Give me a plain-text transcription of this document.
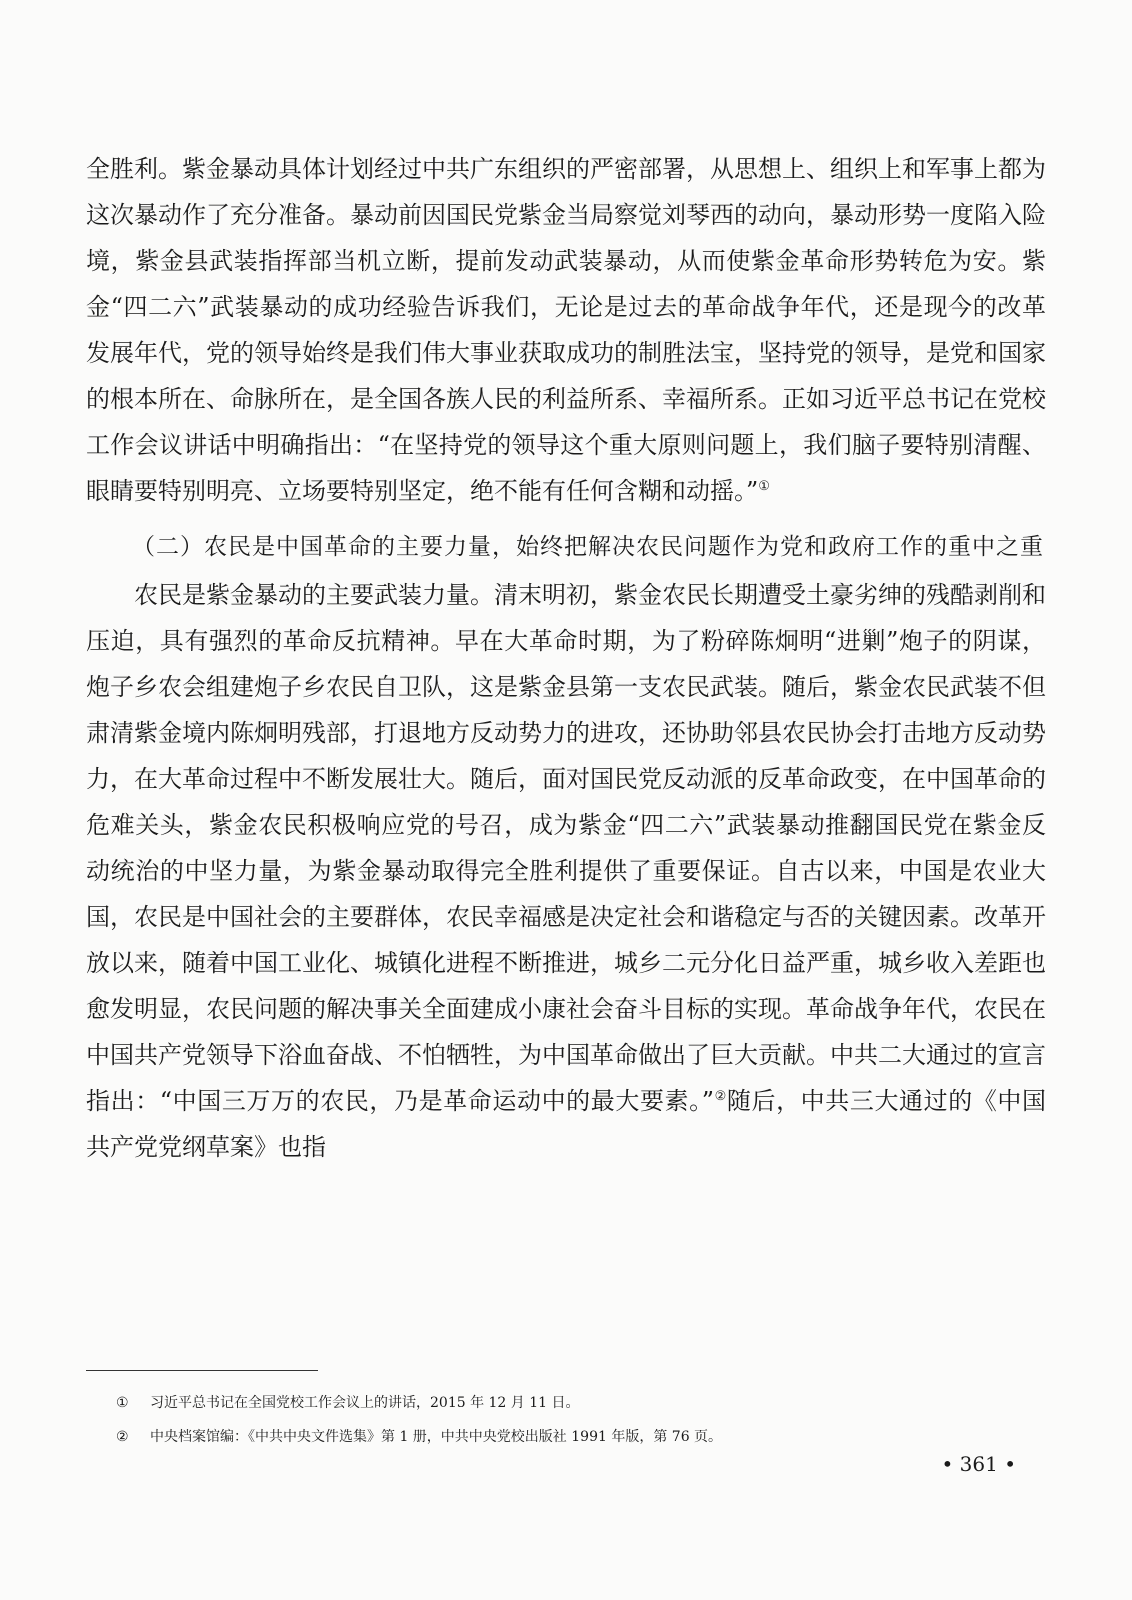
全胜利。紫金暴动具体计划经过中共广东组织的严密部署，从思想上、组织上和军事上都为这次暴动作了充分准备。暴动前因国民党紫金当局察觉刘琴西的动向，暴动形势一度陷入险境，紫金县武装指挥部当机立断，提前发动武装暴动，从而使紫金革命形势转危为安。紫金“四二六”武装暴动的成功经验告诉我们，无论是过去的革命战争年代，还是现今的改革发展年代，党的领导始终是我们伟大事业获取成功的制胜法宝，坚持党的领导，是党和国家的根本所在、命脉所在，是全国各族人民的利益所系、幸福所系。正如习近平总书记在党校工作会议讲话中明确指出：“在坚持党的领导这个重大原则问题上，我们脑子要特别清醒、眼睛要特别明亮、立场要特别坚定，绝不能有任何含糊和动摇。”①

（二）农民是中国革命的主要力量，始终把解决农民问题作为党和政府工作的重中之重

农民是紫金暴动的主要武装力量。清末明初，紫金农民长期遭受土豪劣绅的残酷剥削和压迫，具有强烈的革命反抗精神。早在大革命时期，为了粉碎陈炯明“进剿”炮子的阴谋，炮子乡农会组建炮子乡农民自卫队，这是紫金县第一支农民武装。随后，紫金农民武装不但肃清紫金境内陈炯明残部，打退地方反动势力的进攻，还协助邻县农民协会打击地方反动势力，在大革命过程中不断发展壮大。随后，面对国民党反动派的反革命政变，在中国革命的危难关头，紫金农民积极响应党的号召，成为紫金“四二六”武装暴动推翻国民党在紫金反动统治的中坚力量，为紫金暴动取得完全胜利提供了重要保证。自古以来，中国是农业大国，农民是中国社会的主要群体，农民幸福感是决定社会和谐稳定与否的关键因素。改革开放以来，随着中国工业化、城镇化进程不断推进，城乡二元分化日益严重，城乡收入差距也愈发明显，农民问题的解决事关全面建成小康社会奋斗目标的实现。革命战争年代，农民在中国共产党领导下浴血奋战、不怕牺牲，为中国革命做出了巨大贡献。中共二大通过的宣言指出：“中国三万万的农民，乃是革命运动中的最大要素。”②随后，中共三大通过的《中国共产党党纲草案》也指

①	习近平总书记在全国党校工作会议上的讲话，2015 年 12 月 11 日。
②	中央档案馆编：《中共中央文件选集》第 1 册，中共中央党校出版社 1991 年版，第 76 页。
• 361 •
